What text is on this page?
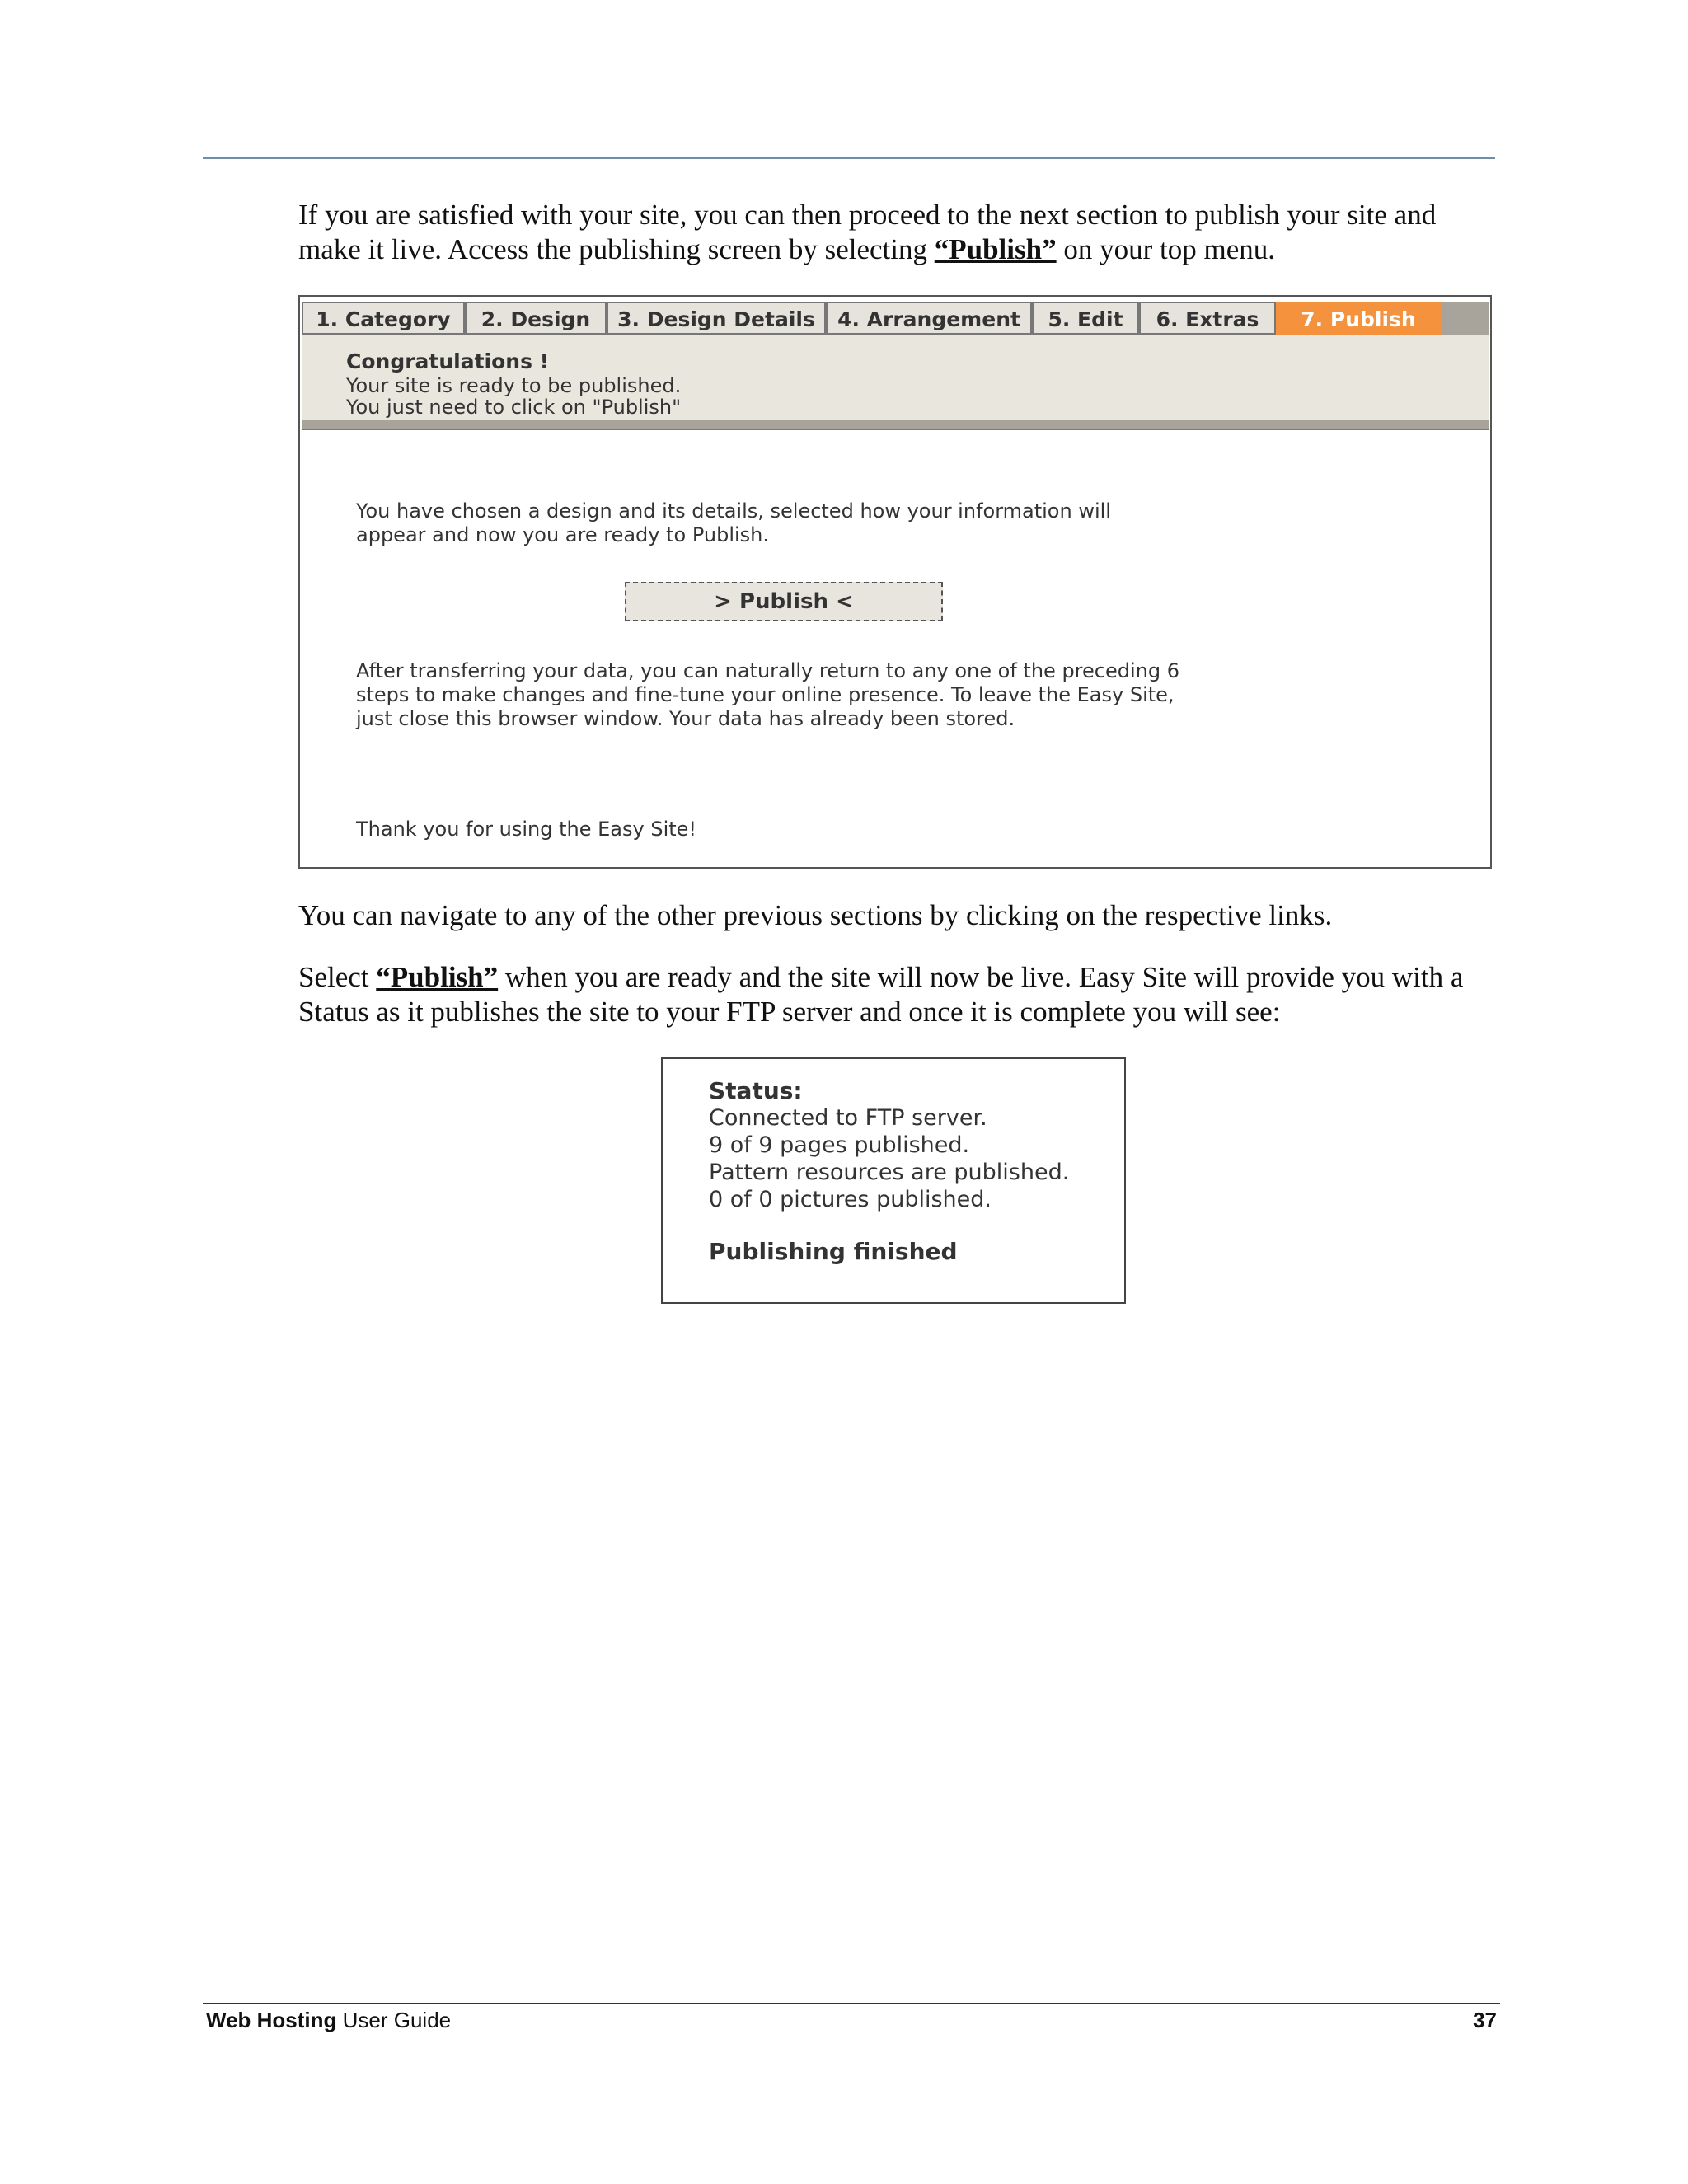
If you are satisfied with your site, you can then proceed to the next section to publish your site and make it live. Access the publishing screen by selecting “Publish” on your top menu.

1. Category	2. Design	3. Design Details	4. Arrangement	5. Edit	6. Extras	7. Publish
Congratulations !
Your site is ready to be published.
You just need to click on "Publish"

You have chosen a design and its details, selected how your information will appear and now you are ready to Publish.

> Publish <

After transferring your data, you can naturally return to any one of the preceding 6 steps to make changes and fine-tune your online presence. To leave the Easy Site, just close this browser window. Your data has already been stored.

Thank you for using the Easy Site!

You can navigate to any of the other previous sections by clicking on the respective links.

Select “Publish” when you are ready and the site will now be live. Easy Site will provide you with a Status as it publishes the site to your FTP server and once it is complete you will see:

Status:
Connected to FTP server.
9 of 9 pages published.
Pattern resources are published.
0 of 0 pictures published.
Publishing finished
Web Hosting User Guide	37
